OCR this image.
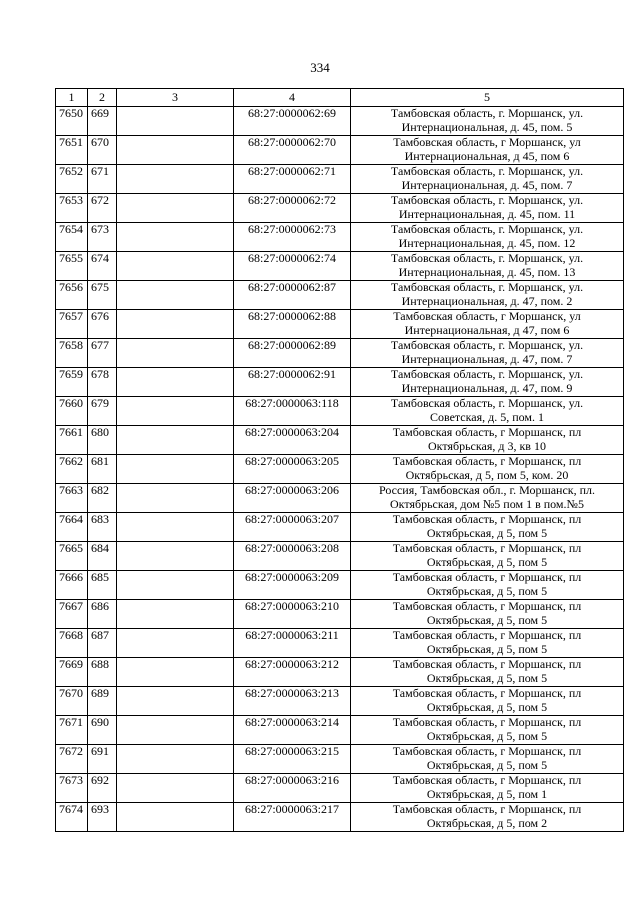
334
1	2	3	4	5
7650	669		68:27:0000062:69	Тамбовская область, г. Моршанск, ул.
Интернациональная, д. 45, пом. 5

7651	670		68:27:0000062:70	Тамбовская область, г Моршанск, ул
Интернациональная, д 45, пом 6

7652	671		68:27:0000062:71	Тамбовская область, г. Моршанск, ул.
Интернациональная, д. 45, пом. 7

7653	672		68:27:0000062:72	Тамбовская область, г. Моршанск, ул.
Интернациональная, д. 45, пом. 11

7654	673		68:27:0000062:73	Тамбовская область, г. Моршанск, ул.
Интернациональная, д. 45, пом. 12

7655	674		68:27:0000062:74	Тамбовская область, г. Моршанск, ул.
Интернациональная, д. 45, пом. 13

7656	675		68:27:0000062:87	Тамбовская область, г. Моршанск, ул.
Интернациональная, д. 47, пом. 2

7657	676		68:27:0000062:88	Тамбовская область, г Моршанск, ул
Интернациональная, д 47, пом 6

7658	677		68:27:0000062:89	Тамбовская область, г. Моршанск, ул.
Интернациональная, д. 47, пом. 7

7659	678		68:27:0000062:91	Тамбовская область, г. Моршанск, ул.
Интернациональная, д. 47, пом. 9

7660	679		68:27:0000063:118	Тамбовская область, г. Моршанск, ул.
Советская, д. 5, пом. 1

7661	680		68:27:0000063:204	Тамбовская область, г Моршанск, пл
Октябрьская, д 3, кв 10

7662	681		68:27:0000063:205	Тамбовская область, г Моршанск, пл
Октябрьская, д 5, пом 5, ком. 20

7663	682		68:27:0000063:206	Россия, Тамбовская обл., г. Моршанск, пл.
Октябрьская, дом №5 пом 1 в пом.№5

7664	683		68:27:0000063:207	Тамбовская область, г Моршанск, пл
Октябрьская, д 5, пом 5

7665	684		68:27:0000063:208	Тамбовская область, г Моршанск, пл
Октябрьская, д 5, пом 5

7666	685		68:27:0000063:209	Тамбовская область, г Моршанск, пл
Октябрьская, д 5, пом 5

7667	686		68:27:0000063:210	Тамбовская область, г Моршанск, пл
Октябрьская, д 5, пом 5

7668	687		68:27:0000063:211	Тамбовская область, г Моршанск, пл
Октябрьская, д 5, пом 5

7669	688		68:27:0000063:212	Тамбовская область, г Моршанск, пл
Октябрьская, д 5, пом 5

7670	689		68:27:0000063:213	Тамбовская область, г Моршанск, пл
Октябрьская, д 5, пом 5

7671	690		68:27:0000063:214	Тамбовская область, г Моршанск, пл
Октябрьская, д 5, пом 5

7672	691		68:27:0000063:215	Тамбовская область, г Моршанск, пл
Октябрьская, д 5, пом 5

7673	692		68:27:0000063:216	Тамбовская область, г Моршанск, пл
Октябрьская, д 5, пом 1

7674	693		68:27:0000063:217	Тамбовская область, г Моршанск, пл
Октябрьская, д 5, пом 2
